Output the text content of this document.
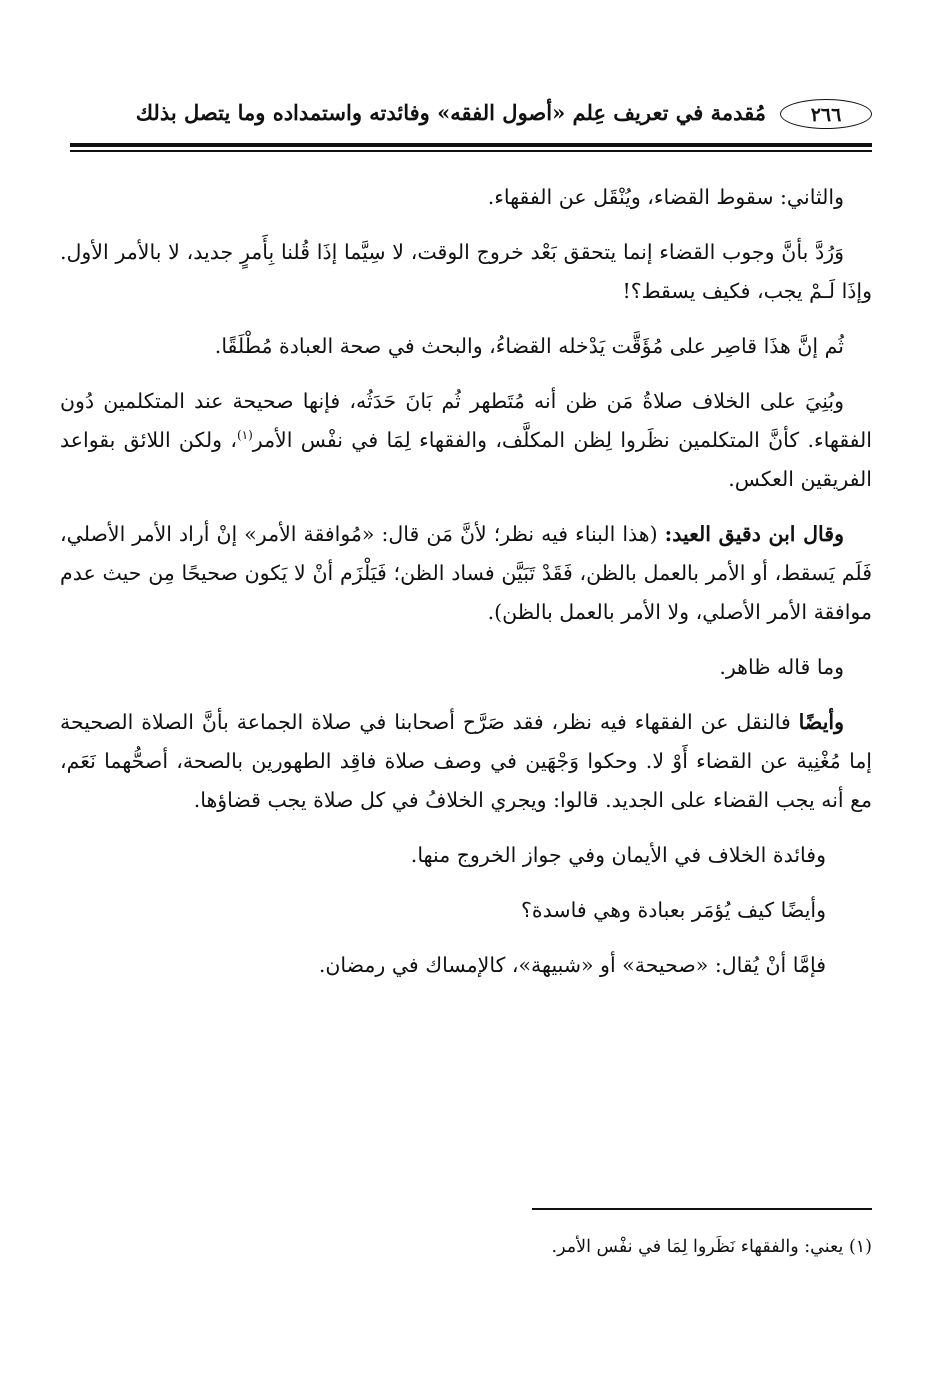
٢٦٦
مُقدمة في تعريف عِلم «أصول الفقه» وفائدته واستمداده وما يتصل بذلك

والثاني: سقوط القضاء، ويُنْقَل عن الفقهاء.

وَرُدَّ بأنَّ وجوب القضاء إنما يتحقق بَعْد خروج الوقت، لا سِيَّما إذَا قُلنا بِأَمرٍ جديد، لا بالأمر الأول. وإذَا لَـمْ يجب، فكيف يسقط؟!

ثُم إنَّ هذَا قاصِر على مُؤَقَّت يَدْخله القضاءُ، والبحث في صحة العبادة مُطْلَقًا.

وبُنِيَ على الخلاف صلاةُ مَن ظن أنه مُتَطهر ثُم بَانَ حَدَثُه، فإنها صحيحة عند المتكلمين دُون الفقهاء. كأنَّ المتكلمين نظَروا لِظن المكلَّف، والفقهاء لِمَا في نفْس الأمر$^{(١)}$، ولكن اللائق بقواعد الفريقين العكس.

وقال ابن دقيق العيد: (هذا البناء فيه نظر؛ لأنَّ مَن قال: «مُوافقة الأمر» إنْ أراد الأمر الأصلي، فَلَم يَسقط، أو الأمر بالعمل بالظن، فَقَدْ تَبَيَّن فساد الظن؛ فَيَلْزَم أنْ لا يَكون صحيحًا مِن حيث عدم موافقة الأمر الأصلي، ولا الأمر بالعمل بالظن).

وما قاله ظاهر.

وأيضًا فالنقل عن الفقهاء فيه نظر، فقد صَرَّح أصحابنا في صلاة الجماعة بأنَّ الصلاة الصحيحة إما مُغْنِية عن القضاء أَوْ لا. وحكوا وَجْهَين في وصف صلاة فاقِد الطهورين بالصحة، أصحُّهما نَعَم، مع أنه يجب القضاء على الجديد. قالوا: ويجري الخلافُ في كل صلاة يجب قضاؤها.

وفائدة الخلاف في الأيمان وفي جواز الخروج منها.

وأيضًا كيف يُؤمَر بعبادة وهي فاسدة؟

فإمَّا أنْ يُقال: «صحيحة» أو «شبيهة»، كالإمساك في رمضان.

(١) يعني: والفقهاء نَظَروا لِمَا في نفْس الأمر.
